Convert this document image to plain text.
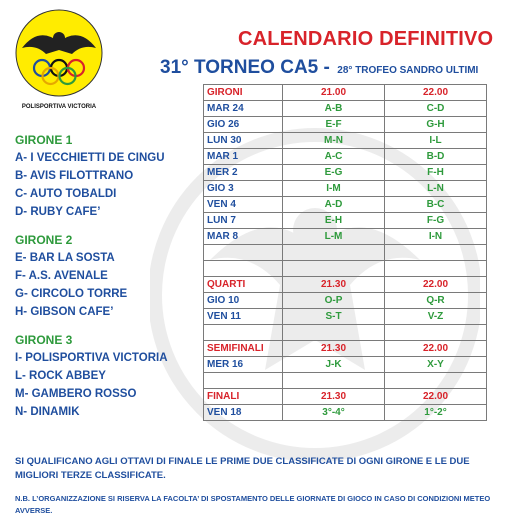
POLISPORTIVA VICTORIA
CALENDARIO DEFINITIVO
31° TORNEO CA5 - 28° TROFEO SANDRO ULTIMI
GIRONE 1
A- I VECCHIETTI DE CINGU
B- AVIS FILOTTRANO
C- AUTO TOBALDI
D- RUBY CAFE’
GIRONE 2
E- BAR LA SOSTA
F- A.S. AVENALE
G- CIRCOLO TORRE
H- GIBSON CAFE’
GIRONE 3
I- POLISPORTIVA VICTORIA
L- ROCK ABBEY
M- GAMBERO ROSSO
N- DINAMIK
GIRONI	21.00	22.00
MAR 24	A-B	C-D
GIO 26	E-F	G-H
LUN 30	M-N	I-L
MAR 1	A-C	B-D
MER 2	E-G	F-H
GIO 3	I-M	L-N
VEN 4	A-D	B-C
LUN 7	E-H	F-G
MAR 8	L-M	I-N

QUARTI	21.30	22.00
GIO 10	O-P	Q-R
VEN 11	S-T	V-Z

SEMIFINALI	21.30	22.00
MER 16	J-K	X-Y

FINALI	21.30	22.00
VEN 18	3°-4°	1°-2°
SI QUALIFICANO AGLI OTTAVI DI FINALE LE PRIME DUE CLASSIFICATE DI OGNI GIRONE E LE DUE MIGLIORI TERZE CLASSIFICATE.
N.B. L’ORGANIZZAZIONE SI RISERVA LA FACOLTA’ DI SPOSTAMENTO DELLE GIORNATE DI GIOCO IN CASO DI CONDIZIONI METEO AVVERSE.
